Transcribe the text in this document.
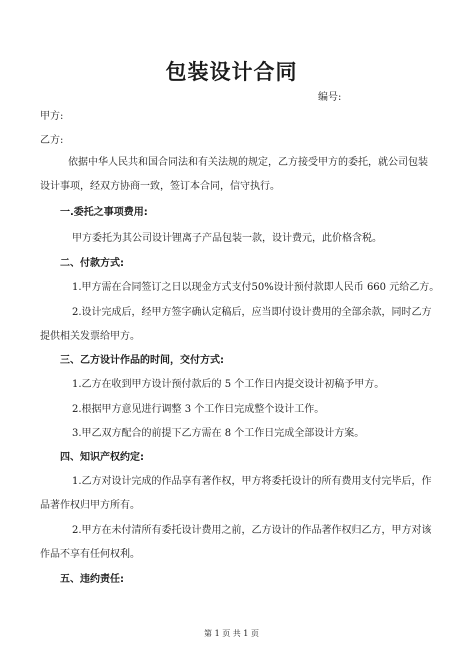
包装设计合同
编号:
甲方:
乙方:
依据中华人民共和国合同法和有关法规的规定，乙方接受甲方的委托，就公司包装
设计事项，经双方协商一致，签订本合同，信守执行。
一.委托之事项费用:
甲方委托为其公司设计锂离子产品包装一款，设计费元，此价格含税。
二、付款方式:
1.甲方需在合同签订之日以现金方式支付50%设计预付款即人民币 660 元给乙方。
2.设计完成后，经甲方签字确认定稿后，应当即付设计费用的全部余款，同时乙方
提供相关发票给甲方。
三、乙方设计作品的时间，交付方式:
1.乙方在收到甲方设计预付款后的 5 个工作日内提交设计初稿予甲方。
2.根据甲方意见进行调整 3 个工作日完成整个设计工作。
3.甲乙双方配合的前提下乙方需在 8 个工作日完成全部设计方案。
四、知识产权约定:
1.乙方对设计完成的作品享有著作权，甲方将委托设计的所有费用支付完毕后，作
品著作权归甲方所有。
2.甲方在未付清所有委托设计费用之前，乙方设计的作品著作权归乙方，甲方对该
作品不享有任何权利。
五、违约责任:
第 1 页 共 1 页
